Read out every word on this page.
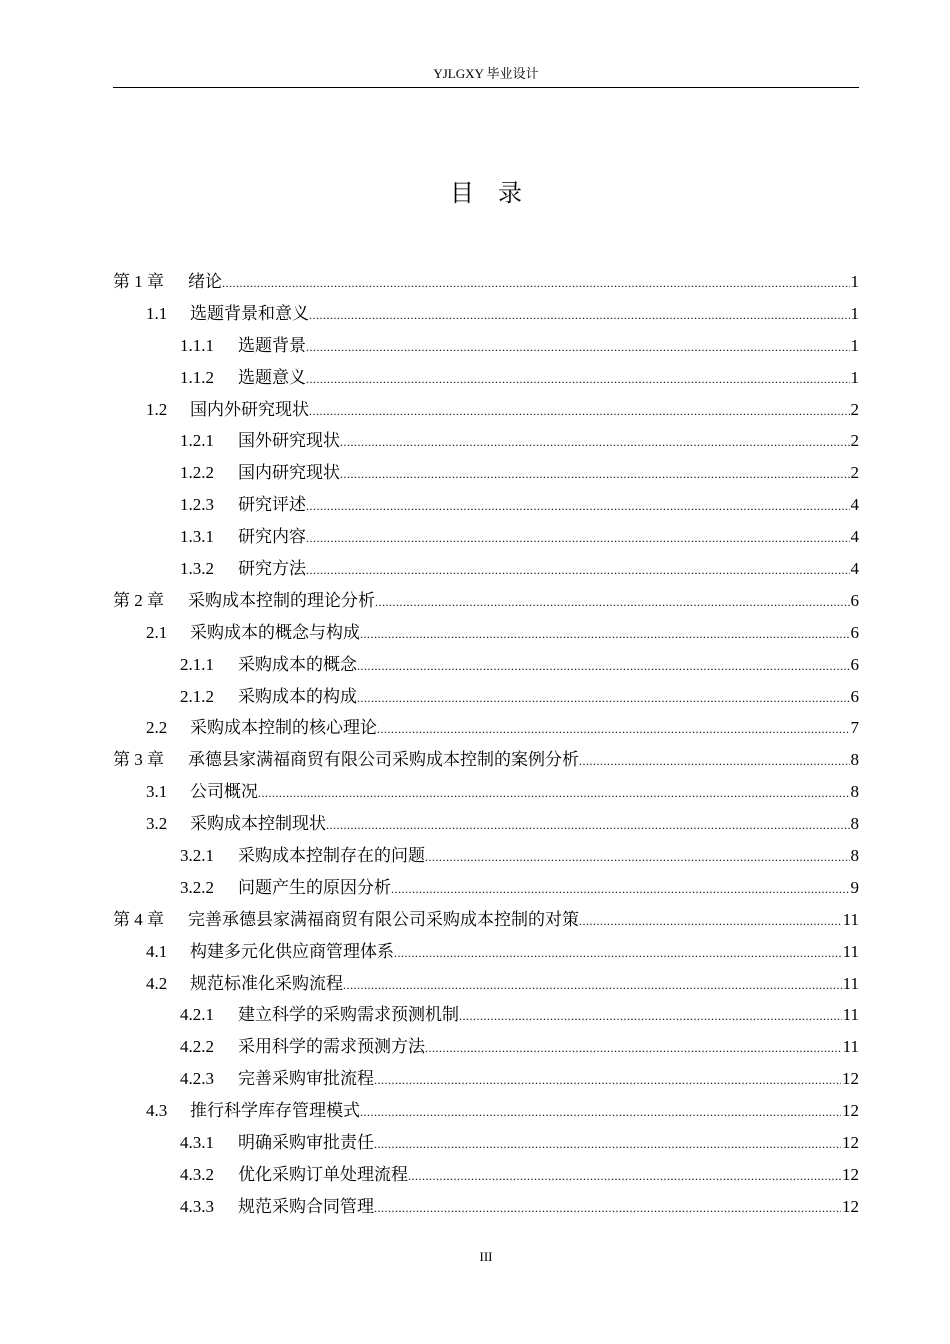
YJLGXY 毕业设计
目　录
第 1 章	绪论 .....	1
1.1	选题背景和意义 .....	1
1.1.1	选题背景 .....	1
1.1.2	选题意义 .....	1
1.2	国内外研究现状 .....	2
1.2.1	国外研究现状 .....	2
1.2.2	国内研究现状 .....	2
1.2.3	研究评述 .....	4
1.3.1	研究内容 .....	4
1.3.2	研究方法 .....	4
第 2 章	采购成本控制的理论分析 .....	6
2.1	采购成本的概念与构成 .....	6
2.1.1	采购成本的概念 .....	6
2.1.2	采购成本的构成 .....	6
2.2	采购成本控制的核心理论 .....	7
第 3 章	承德县家满福商贸有限公司采购成本控制的案例分析 .....	8
3.1	公司概况 .....	8
3.2	采购成本控制现状 .....	8
3.2.1	采购成本控制存在的问题 .....	8
3.2.2	问题产生的原因分析 .....	9
第 4 章	完善承德县家满福商贸有限公司采购成本控制的对策 .....	11
4.1	构建多元化供应商管理体系 .....	11
4.2	规范标准化采购流程 .....	11
4.2.1	建立科学的采购需求预测机制 .....	11
4.2.2	采用科学的需求预测方法 .....	11
4.2.3	完善采购审批流程 .....	12
4.3	推行科学库存管理模式 .....	12
4.3.1	明确采购审批责任 .....	12
4.3.2	优化采购订单处理流程 .....	12
4.3.3	规范采购合同管理 .....	12
III
